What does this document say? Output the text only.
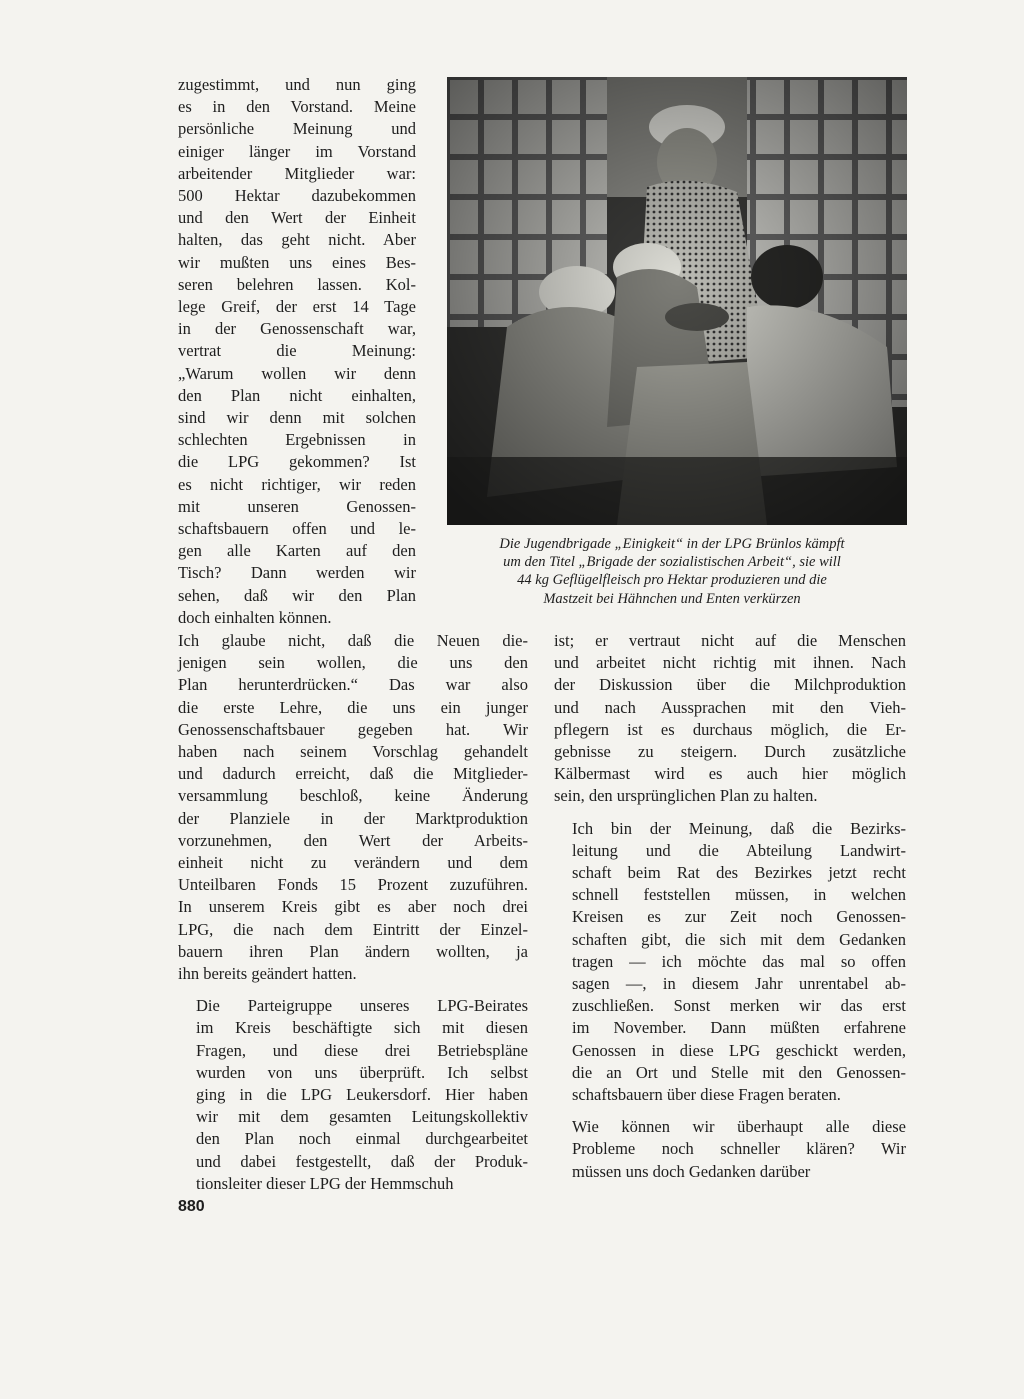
zugestimmt, und nun ging
es in den Vorstand. Meine
persönliche Meinung und
einiger länger im Vorstand
arbeitender Mitglieder war:
500 Hektar dazubekommen
und den Wert der Einheit
halten, das geht nicht. Aber
wir mußten uns eines Bes-
seren belehren lassen. Kol-
lege Greif, der erst 14 Tage
in der Genossenschaft war,
vertrat die Meinung:
„Warum wollen wir denn
den Plan nicht einhalten,
sind wir denn mit solchen
schlechten Ergebnissen in
die LPG gekommen? Ist
es nicht richtiger, wir reden
mit unseren Genossen-
schaftsbauern offen und le-
gen alle Karten auf den
Tisch? Dann werden wir
sehen, daß wir den Plan
doch einhalten können.
Die Jugendbrigade „Einigkeit“ in der LPG Brünlos kämpft
um den Titel „Brigade der sozialistischen Arbeit“, sie will
44 kg Geflügelfleisch pro Hektar produzieren und die
Mastzeit bei Hähnchen und Enten verkürzen
Ich glaube nicht, daß die Neuen die-
jenigen sein wollen, die uns den
Plan herunterdrücken.“ Das war also
die erste Lehre, die uns ein junger
Genossenschaftsbauer gegeben hat. Wir
haben nach seinem Vorschlag gehandelt
und dadurch erreicht, daß die Mitglieder-
versammlung beschloß, keine Änderung
der Planziele in der Marktproduktion
vorzunehmen, den Wert der Arbeits-
einheit nicht zu verändern und dem
Unteilbaren Fonds 15 Prozent zuzuführen.
In unserem Kreis gibt es aber noch drei
LPG, die nach dem Eintritt der Einzel-
bauern ihren Plan ändern wollten, ja
ihn bereits geändert hatten.
Die Parteigruppe unseres LPG-Beirates
im Kreis beschäftigte sich mit diesen
Fragen, und diese drei Betriebspläne
wurden von uns überprüft. Ich selbst
ging in die LPG Leukersdorf. Hier haben
wir mit dem gesamten Leitungskollektiv
den Plan noch einmal durchgearbeitet
und dabei festgestellt, daß der Produk-
tionsleiter dieser LPG der Hemmschuh
ist; er vertraut nicht auf die Menschen
und arbeitet nicht richtig mit ihnen. Nach
der Diskussion über die Milchproduktion
und nach Aussprachen mit den Vieh-
pflegern ist es durchaus möglich, die Er-
gebnisse zu steigern. Durch zusätzliche
Kälbermast wird es auch hier möglich
sein, den ursprünglichen Plan zu halten.
Ich bin der Meinung, daß die Bezirks-
leitung und die Abteilung Landwirt-
schaft beim Rat des Bezirkes jetzt recht
schnell feststellen müssen, in welchen
Kreisen es zur Zeit noch Genossen-
schaften gibt, die sich mit dem Gedanken
tragen — ich möchte das mal so offen
sagen —, in diesem Jahr unrentabel ab-
zuschließen. Sonst merken wir das erst
im November. Dann müßten erfahrene
Genossen in diese LPG geschickt werden,
die an Ort und Stelle mit den Genossen-
schaftsbauern über diese Fragen beraten.
Wie können wir überhaupt alle diese
Probleme noch schneller klären? Wir
müssen uns doch Gedanken darüber
880
